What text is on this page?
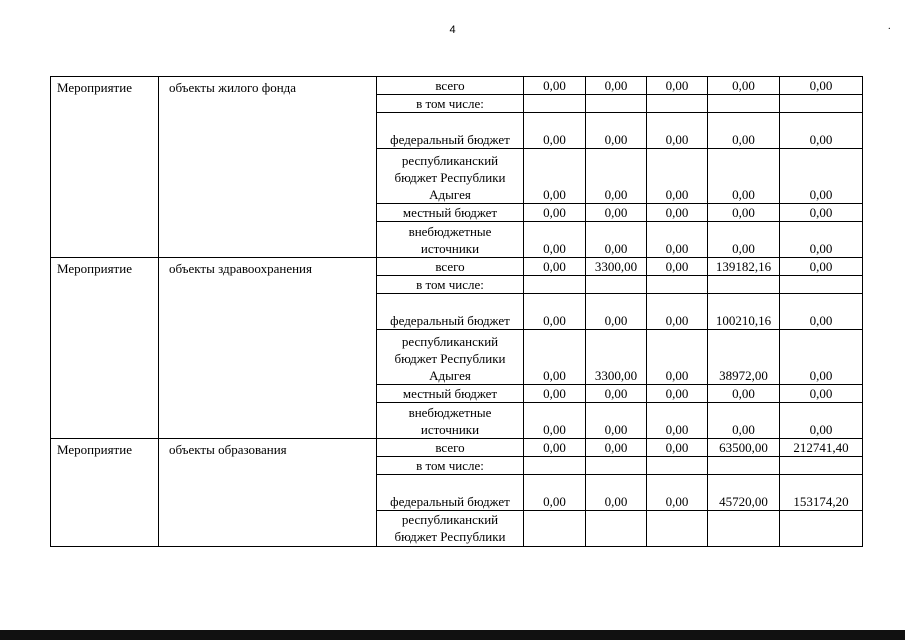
4	·
Мероприятие	объекты жилого фонда	всего	0,00	0,00	0,00	0,00	0,00
		в том числе:					
		федеральный бюджет	0,00	0,00	0,00	0,00	0,00
		республиканский бюджет Республики Адыгея	0,00	0,00	0,00	0,00	0,00
		местный бюджет	0,00	0,00	0,00	0,00	0,00
		внебюджетные источники	0,00	0,00	0,00	0,00	0,00
Мероприятие	объекты здравоохранения	всего	0,00	3300,00	0,00	139182,16	0,00
		в том числе:					
		федеральный бюджет	0,00	0,00	0,00	100210,16	0,00
		республиканский бюджет Республики Адыгея	0,00	3300,00	0,00	38972,00	0,00
		местный бюджет	0,00	0,00	0,00	0,00	0,00
		внебюджетные источники	0,00	0,00	0,00	0,00	0,00
Мероприятие	объекты образования	всего	0,00	0,00	0,00	63500,00	212741,40
		в том числе:					
		федеральный бюджет	0,00	0,00	0,00	45720,00	153174,20
		республиканский бюджет Республики					
